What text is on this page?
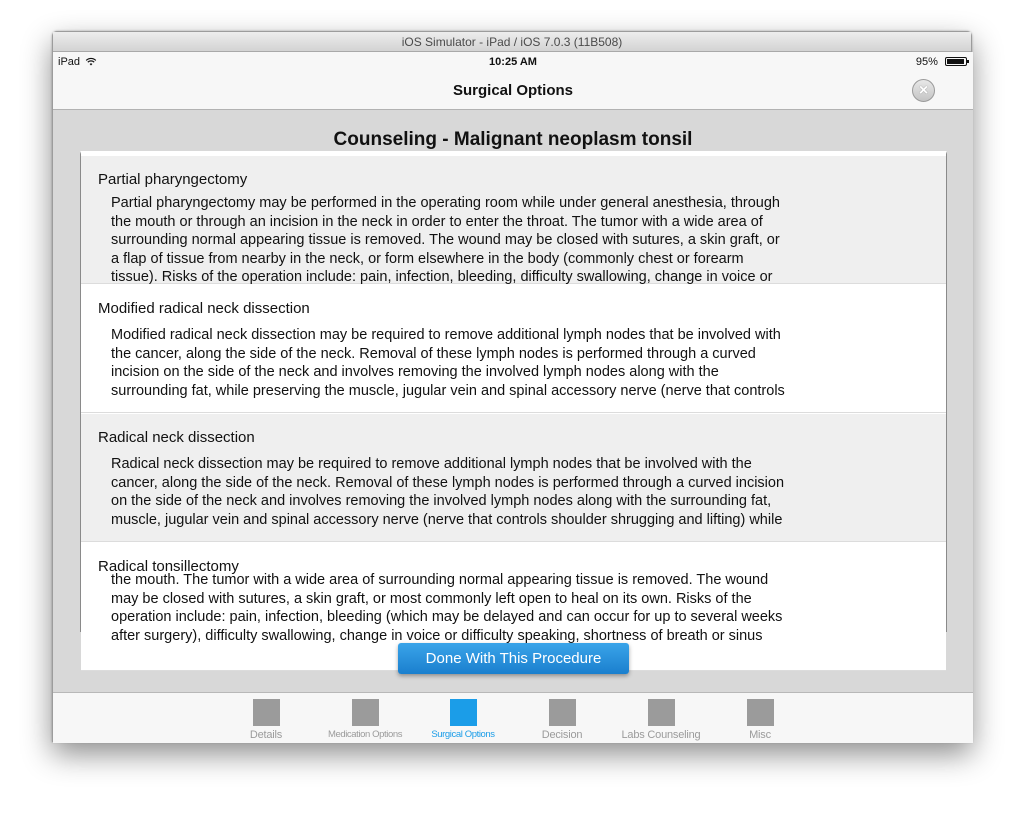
iOS Simulator - iPad / iOS 7.0.3 (11B508)
iPad	10:25 AM	95%
Surgical Options	×
Counseling - Malignant neoplasm tonsil
Partial pharyngectomy
Partial pharyngectomy may be performed in the operating room while under general anesthesia, through
the mouth or through an incision in the neck in order to enter the throat. The tumor with a wide area of
surrounding normal appearing tissue is removed. The wound may be closed with sutures, a skin graft, or
a flap of tissue from nearby in the neck, or form elsewhere in the body (commonly chest or forearm
tissue). Risks of the operation include: pain, infection, bleeding, difficulty swallowing, change in voice or
Modified radical neck dissection
Modified radical neck dissection may be required to remove additional lymph nodes that be involved with
the cancer, along the side of the neck. Removal of these lymph nodes is performed through a curved
incision on the side of the neck and involves removing the involved lymph nodes along with the
surrounding fat, while preserving the muscle, jugular vein and spinal accessory nerve (nerve that controls
Radical neck dissection
Radical neck dissection may be required to remove additional lymph nodes that be involved with the
cancer, along the side of the neck. Removal of these lymph nodes is performed through a curved incision
on the side of the neck and involves removing the involved lymph nodes along with the surrounding fat,
muscle, jugular vein and spinal accessory nerve (nerve that controls shoulder shrugging and lifting) while
Radical tonsillectomy
the mouth. The tumor with a wide area of surrounding normal appearing tissue is removed. The wound
may be closed with sutures, a skin graft, or most commonly left open to heal on its own. Risks of the
operation include: pain, infection, bleeding (which may be delayed and can occur for up to several weeks
after surgery), difficulty swallowing, change in voice or difficulty speaking, shortness of breath or sinus
Done With This Procedure
Details	Medication Options	Surgical Options	Decision	Labs Counseling	Misc
